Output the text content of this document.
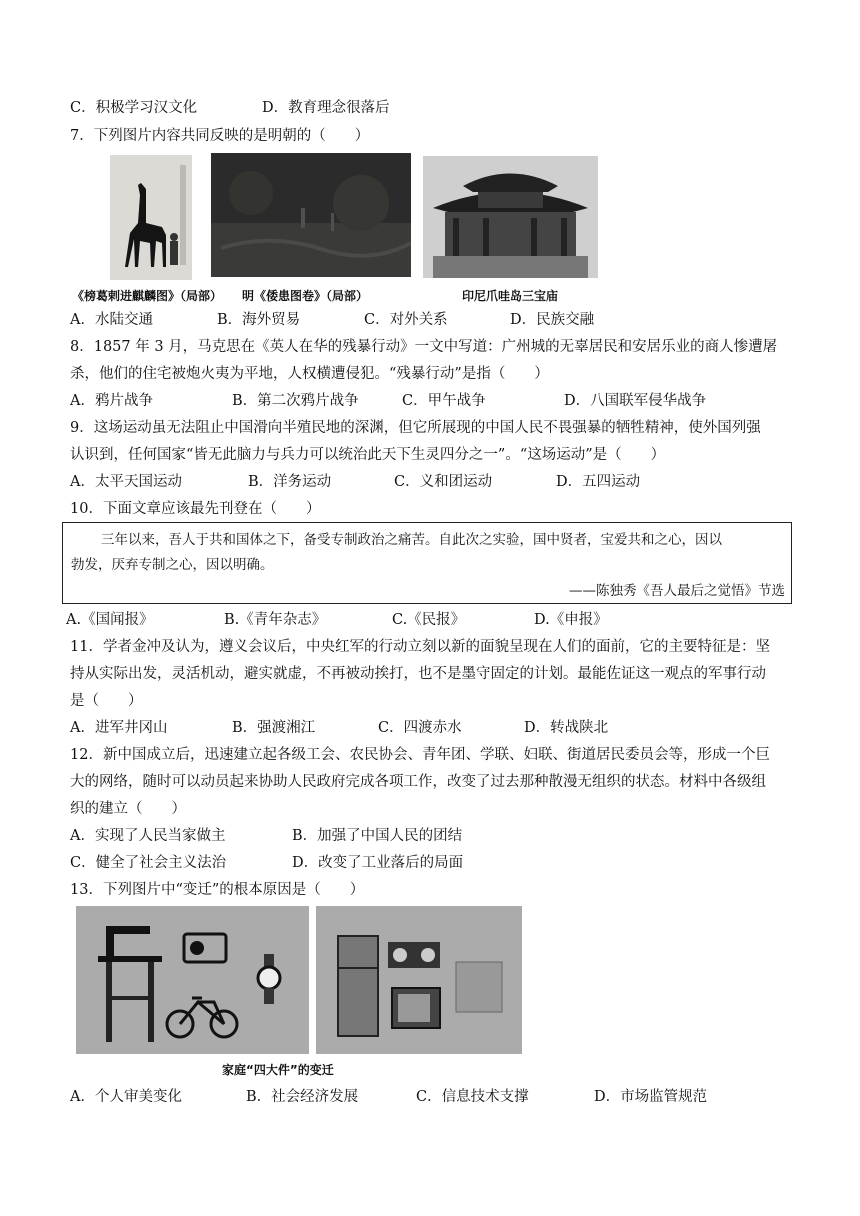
C．积极学习汉文化	D．教育理念很落后
7．下列图片内容共同反映的是明朝的（　　）
《榜葛剌进麒麟图》（局部） 明《倭患图卷》（局部）	印尼爪哇岛三宝庙
A．水陆交通	B．海外贸易	C．对外关系	D．民族交融
8．1857 年 3 月，马克思在《英人在华的残暴行动》一文中写道：广州城的无辜居民和安居乐业的商人惨遭屠
杀，他们的住宅被炮火夷为平地，人权横遭侵犯。“残暴行动”是指（　　）
A．鸦片战争	B．第二次鸦片战争	C．甲午战争	D．八国联军侵华战争
9．这场运动虽无法阻止中国滑向半殖民地的深渊，但它所展现的中国人民不畏强暴的牺牲精神，使外国列强
认识到，任何国家“皆无此脑力与兵力可以统治此天下生灵四分之一”。“这场运动”是（　　）
A．太平天国运动	B．洋务运动	C．义和团运动	D．五四运动
10．下面文章应该最先刊登在（　　）
三年以来，吾人于共和国体之下，备受专制政治之痛苦。自此次之实验，国中贤者，宝爱共和之心，因以
勃发，厌弃专制之心，因以明确。
——陈独秀《吾人最后之觉悟》节选
A.《国闻报》	B.《青年杂志》	C.《民报》	D.《申报》
11．学者金冲及认为，遵义会议后，中央红军的行动立刻以新的面貌呈现在人们的面前，它的主要特征是：坚
持从实际出发，灵活机动，避实就虚，不再被动挨打，也不是墨守固定的计划。最能佐证这一观点的军事行动
是（　　）
A．进军井冈山	B．强渡湘江	C．四渡赤水	D．转战陕北
12．新中国成立后，迅速建立起各级工会、农民协会、青年团、学联、妇联、街道居民委员会等，形成一个巨
大的网络，随时可以动员起来协助人民政府完成各项工作，改变了过去那种散漫无组织的状态。材料中各级组
织的建立（　　）
A．实现了人民当家做主	B．加强了中国人民的团结
C．健全了社会主义法治	D．改变了工业落后的局面
13．下列图片中“变迁”的根本原因是（　　）
家庭“四大件”的变迁
A．个人审美变化	B．社会经济发展	C．信息技术支撑	D．市场监管规范
